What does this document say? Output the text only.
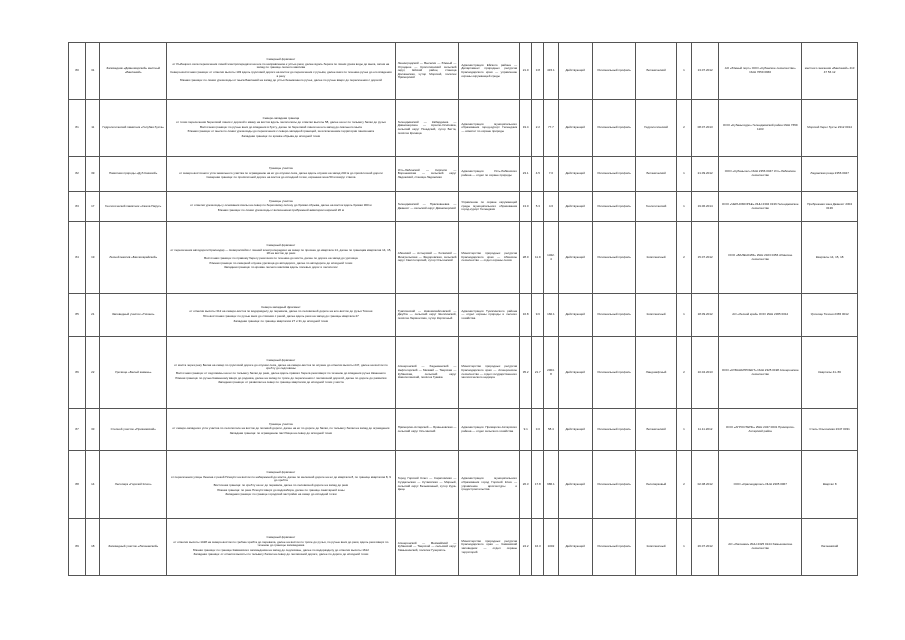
80	31	Заповедник «Дивноморский» местный «Бакланий»	Северный фрагмент
от Рыбацкого села пересечения линий электропередачи на юге по направлению к устью реки, далее вдоль берега по линии уреза воды до мыса, затем на запад по границе лесного массива
Северо-восточная граница: от отметки высоты 103 вдоль грунтовой дороги на восток до пересечения с ручьём, далее вниз по течению ручья до его впадения в реку
Южная граница: по линии уреза воды от мыса Бакланий на запад до устья безымянного ручья, далее по ручью вверх до пересечения с дорогой	Ленинградский — Выселки — Южный — Отрадное — Кропоткинский сельский округ, Ейский район, станица Должанская, хутор Морской, посёлок Приморский	Администрация Ейского района — Департамент природных ресурсов Краснодарского края — управление охраны окружающей среды	21.0	3.8	415.1	Действующий	Региональный профиль	Ботанический	1	13.07.2012	АО «Южный порт» ООО «Кубанское лесничество» ИНН 7659 0966	местного значения «Бакланий» 413 47 56 12
81	11	Гидрологический памятник «Голубая бухта»	Северо-западная граница
от точки пересечения береговой линии с дорогой к маяку на восток вдоль лесополосы до отметки высоты 58, далее на юг по тальвегу балки до ручья
Восточная граница: по ручью вниз до впадения в бухту, далее по береговой линии на юго-запад до скального мыса
Южная граница: от мыса по линии уреза воды до пересечения с северо-западной границей, за исключением территории пансионата
Западная граница: по кромке обрыва до исходной точки	Геленджикский — Кабардинка — Дивноморское — Архипо-Осиповка, сельский округ Пшадский, хутор Бетта, посёлок Криница	Администрация муниципального образования город-курорт Геленджик — комитет по охране природы	19.4	2.2	77.7	Действующий	Региональный профиль	Гидрологический	2	08.07.2013	ООО «Кубаньгидро» Геленджикский район ИНН 7659 1103	Морской берег бухты 2312 0014
82	39	Памятник природы «Дуб Казачий»	Границы участка
от северо-восточного угла земельного участка по ограждению на юг до опушки леса, далее вдоль опушки на запад 240 м до просёлочной дороги
Северная граница: по просёлочной дороге на восток до исходной точки, охранная зона 50 м вокруг ствола	Усть-Лабинский — Кирпили — Воронежская — сельский округ Ладожский, станица Ладожская	Администрация Усть-Лабинского района — отдел по охране природы	23.1	4.5	7.0	Действующий	Региональный профиль	Ботанический	1	21.09.2012	ООО «Кубаньлес» ИНН 2356 0047 Усть-Лабинское лесничество	Ладожская роща 2356 0047
83	17	Геологический памятник «Скала Парус»	Границы участка
от отметки уреза воды у основания скалы на север по береговому склону до бровки обрыва, далее на восток вдоль бровки 300 м
Южная граница: по линии уреза воды с включением прибрежной акватории шириной 20 м	Геленджикский — Прасковеевка — Джанхот — сельский округ Дивноморский	Управление по охране окружающей среды муниципального образования город-курорт Геленджик	13.0	5.3	4.6	Действующий	Региональный профиль	Геологический	1	19.06.2014	ООО «ЧЕРНОМОРЬЕ» ИНН 2304 0136 Геленджикское лесничество	Прибрежная зона Джанхот 2304 0136
84	19	Лесной массив «Бахчисарайский»	Северный фрагмент
от пересечения автодороги Краснодар — Новороссийск с линией электропередачи на север по просеке до квартала 14, далее по границам кварталов 14, 15, 18 на восток до реки
Восточная граница: по правому берегу реки вниз по течению до моста, далее по дороге на запад до урочища
Южная граница: по северной опушке урочища до автодороги, далее по автодороге до исходной точки
Западная граница: по кромке лесного массива вдоль полевых дорог и лесополос	Абинский — Ахтырский — Холмский — Мингрельская — Федоровская, сельский округ Светлогорский, хутор Ольгинский	Министерство природных ресурсов Краснодарского края — Абинское лесничество — отдел охраны лесов	28.0	11.9	1322.4	Действующий	Региональный профиль	Комплексный	2	15.07.2012	ООО «ВАЛЕНСИЯ» ИНН 2323 0456 Абинское лесничество	Кварталы 14, 15, 18
85	21	Заповедный участок «Тихоня»	Северо-западный фрагмент
от отметки высоты 312 на северо-восток по водоразделу до перевала, далее по лесовозной дороге на юго-восток до ручья Тихоня
Юго-восточная граница: по ручью вниз до слияния с рекой, далее вдоль реки на запад до границы квартала 27
Западная граница: по границе кварталов 27 и 31 до исходной точки	Туапсинский — Новомихайловский — Джубга — сельский округ Шепсинский, посёлок Лермонтово, хутор Кирпичный	Администрация Туапсинского района — отдел охраны природы и лесного хозяйства	16.8	9.6	160.1	Действующий	Региональный профиль	Комплексный	1	18.09.2012	АО «Лесной край» ООО ИНН 2365 0012	Урочище Тихоня 2365 0012
86	22	Урочище «Белый камень»	Северный фрагмент
от моста через реку Белая на север по грунтовой дороге до опушки леса, далее на северо-восток по опушке до отметки высоты 247, далее на восток по хребту до седловины
Восточная граница: от седловины на юг по тальвегу балки до реки, далее вдоль правого берега реки вверх по течению до впадения ручья Каменного
Южная граница: по ручью Каменному вверх до родника, далее на запад по тропе до пересечения с лесовозной дорогой, далее по дороге до развилки
Западная граница: от развилки на север по границе кварталов до исходной точки у моста	Апшеронский — Хадыженский — Нефтегорский — Мезмай — Тверская — Кубанская, сельский округ Новополянский, посёлок Гуамка	Министерство природных ресурсов Краснодарского края — Апшеронское лесничество — отдел государственного экологического надзора	35.2	21.7	2004.8	Действующий	Региональный профиль	Ландшафтный	2	10.04.2013	ООО «КУБАНЬПРОЕКТ» ИНН 2325 0198 Апшеронское лесничество	Кварталы 41–56
87	33	Степной участок «Приазовский»	Границы участка
от северо-западного угла участка по лесополосе на восток до полевой дороги, далее на юг по дороге до балки, по тальвегу балки на запад до ограждения
Западная граница: по ограждению пастбища на север до исходной точки	Приморско-Ахтарский — Бриньковская — сельский округ Ольгинский	Администрация Приморско-Ахтарского района — отдел сельского хозяйства	9.1	3.0	58.4	Действующий	Региональный профиль	Ботанический	1	11.11.2012	ООО «АГРОСТЕПЬ» ИНН 2347 0031 Приморско-Ахтарский район	Степь Ольгинская 2347 0031
88	14	Лесопарк «Горячий Ключ»	Северный фрагмент
от пересечения улицы Ленина с рекой Псекупс на восток по набережной до моста, далее по железной дороге на юг до квартала 8, по границе кварталов 8, 9 до хребта
Восточная граница: по хребту на юг до перевала, далее по лесовозной дороге на запад до реки
Южная граница: по реке Псекупс вверх до водозабора, далее по границе санитарной зоны
Западная граница: по границе городской застройки на север до исходной точки	Город Горячий Ключ — Саратовская — Суздальская — Кутаисская — Мирный, сельский округ Безымянный, хутор Кура-Цеце	Администрация муниципального образования город Горячий Ключ — управление архитектуры и градостроительства	26.3	17.8	986.1	Действующий	Региональный профиль	Лесопарковый	2	02.08.2012	ООО «Краснодарлес» ИНН 2305 0067	Квартал 8
89	18	Заповедный участок «Лагонакский»	Северный фрагмент
от отметки высоты 1428 на северо-восток по гребню хребта до перевала, далее на восток по тропе до ручья, по ручью вниз до реки, вдоль реки вверх по течению до границы заповедника
Южная граница: по границе Кавказского заповедника на запад до седловины, далее по водоразделу до отметки высоты 1612
Западная граница: от отметки высоты по тальвегу балки на север до лесовозной дороги, далее по дороге до исходной точки	Апшеронский — Мезмайский — Кубанский — Тверской — сельский округ Хамышинский, посёлок Гузерипль	Министерство природных ресурсов Краснодарского края — Кавказский заповедник — отдел охраны территорий	24.2	16.3	1002	Действующий	Региональный профиль	Комплексный	1	26.07.2012	АО «Лагонаки» ИНН 2325 0144 Хамышинское лесничество	Лагонакский
